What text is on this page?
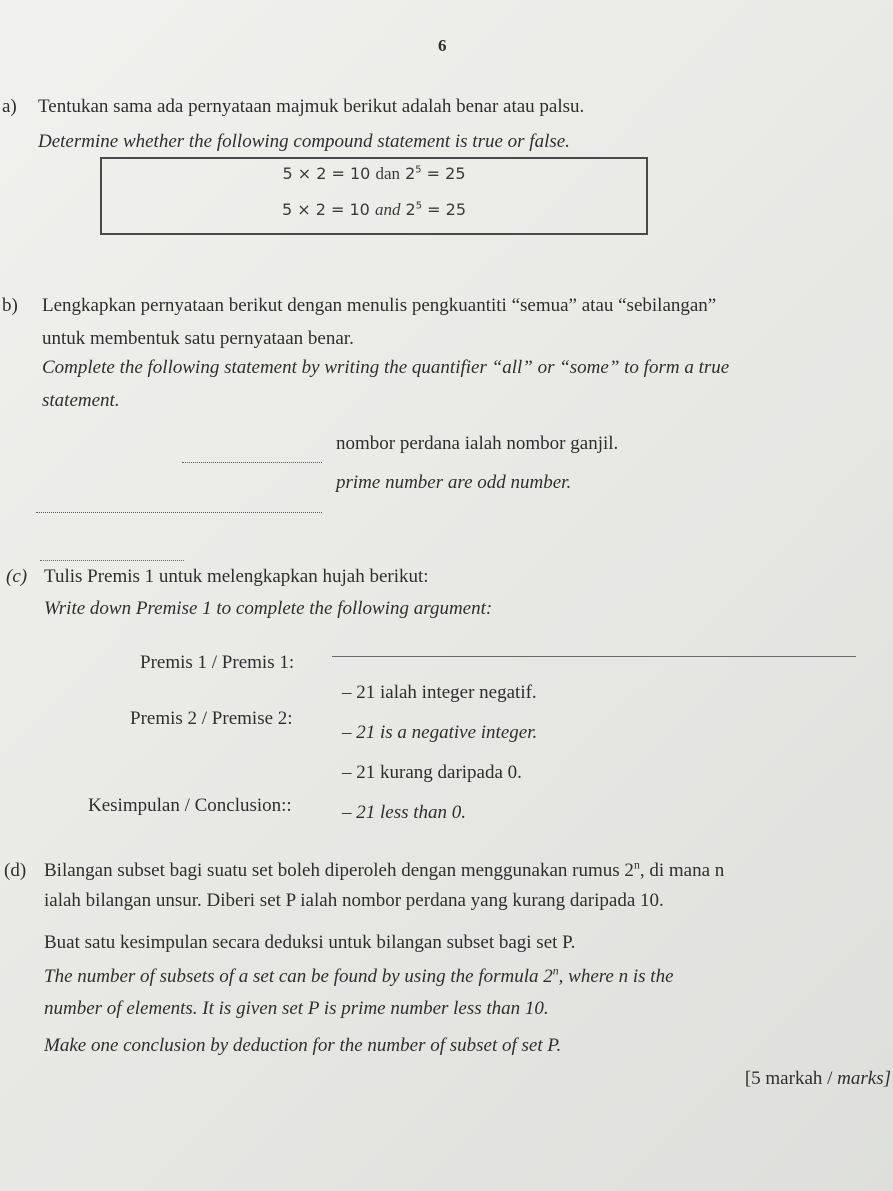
6
a) Tentukan sama ada pernyataan majmuk berikut adalah benar atau palsu.
Determine whether the following compound statement is true or false.
5 × 2 = 10 dan $2^5 = 25$
5 × 2 = 10 and $2^5 = 25$
b) Lengkapkan pernyataan berikut dengan menulis pengkuantiti “semua” atau “sebilangan”
untuk membentuk satu pernyataan benar.
Complete the following statement by writing the quantifier “all” or “some” to form a true
statement.
nombor perdana ialah nombor ganjil.
prime number are odd number.
(c) Tulis Premis 1 untuk melengkapkan hujah berikut:
Write down Premise 1 to complete the following argument:
Premis 1 / Premis 1:
– 21 ialah integer negatif.
Premis 2 / Premise 2:
– 21 is a negative integer.
– 21 kurang daripada 0.
Kesimpulan / Conclusion::	– 21 less than 0.
(d) Bilangan subset bagi suatu set boleh diperoleh dengan menggunakan rumus 2$^n$, di mana n
ialah bilangan unsur. Diberi set P ialah nombor perdana yang kurang daripada 10.
Buat satu kesimpulan secara deduksi untuk bilangan subset bagi set P.
The number of subsets of a set can be found by using the formula 2$^n$, where n is the
number of elements. It is given set P is prime number less than 10.
Make one conclusion by deduction for the number of subset of set P.
[5 markah / marks]
